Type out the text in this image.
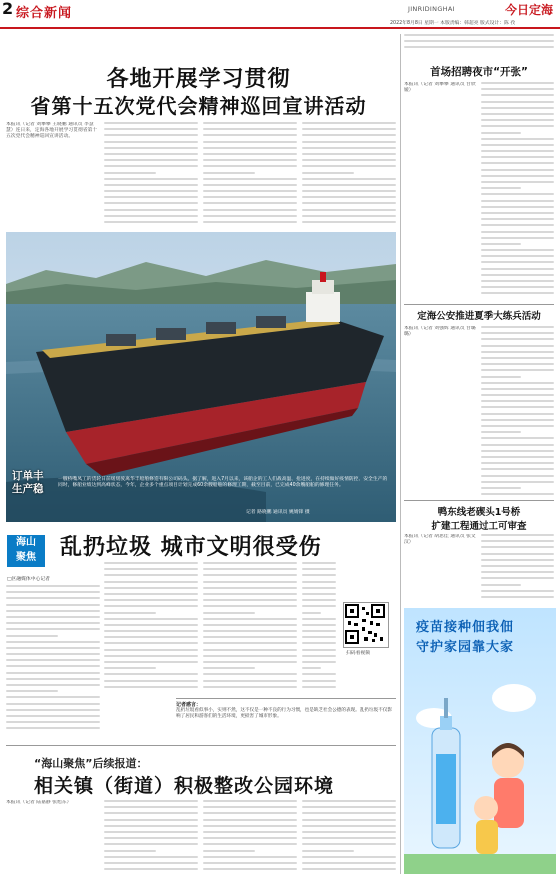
2 综合新闻	JINRIDINGHAI	今日定海
2022年8月8日 星期一 本版责编：韩超亮 版式设计：陈 孜
各地开展学习贯彻
省第十五次党代会精神巡回宣讲活动
本报讯（记者 刘攀攀 王晓鹏 通讯员 李慧慧）连日来，定海各地开展学习贯彻省第十五次党代会精神巡回宣讲活动。
订单丰
生产稳
一艘桥嘴凤工的货轮日前缓缓驶离华丰船舶修造有限公司码头。据了解，进入7月以来，该船企的工人们战高温、抢进度，在持续做好疫情防控、安全生产的同时，修船业绩达到高峰状态，今年，企业多个重点项目计划完成60余艘船舶的修理工期，截至目前，已完成40余艘船舶的修理任务。
记者 路晓鹏 通讯员 姚婧锋 摄
乱扔垃圾 城市文明很受伤
海山
聚焦
□区融媒体中心记者
扫码看视频
记者感言：
乱扔垃圾看似事小，实则不然，这不仅是一种不良的行为习惯，也是缺乏社会公德的表现。乱扔垃圾不仅影响了居民和游客们的生活环境，更损害了城市形象。
“海山聚焦”后续报道：
相关镇（街道）积极整改公园环境
本报讯（记者 陆嘉静 张旭东）
首场招聘夜市“开张”
本报讯（记者 刘攀攀 通讯员 甘欣媛）
定海公安推进夏季大练兵活动
本报讯（记者 刘强辉 通讯员 甘璐璐）
鸭东线老碶头1号桥
扩建工程通过工可审查
本报讯（记者 胡思佳 通讯员 张文汉）
疫苗接种佃我佃
守护家园靠大家
